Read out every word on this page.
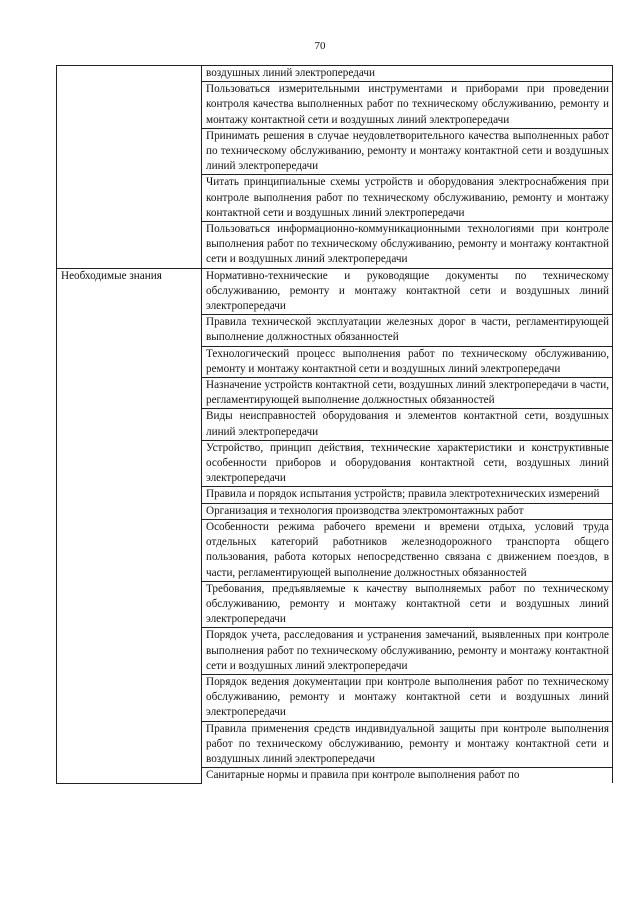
70
	воздушных линий электропередачи
	Пользоваться измерительными инструментами и приборами при проведении контроля качества выполненных работ по техническому обслуживанию, ремонту и монтажу контактной сети и воздушных линий электропередачи
	Принимать решения в случае неудовлетворительного качества выполненных работ по техническому обслуживанию, ремонту и монтажу контактной сети и воздушных линий электропередачи
	Читать принципиальные схемы устройств и оборудования электроснабжения при контроле выполнения работ по техническому обслуживанию, ремонту и монтажу контактной сети и воздушных линий электропередачи
	Пользоваться информационно-коммуникационными технологиями при контроле выполнения работ по техническому обслуживанию, ремонту и монтажу контактной сети и воздушных линий электропередачи
Необходимые знания	Нормативно-технические и руководящие документы по техническому обслуживанию, ремонту и монтажу контактной сети и воздушных линий электропередачи
	Правила технической эксплуатации железных дорог в части, регламентирующей выполнение должностных обязанностей
	Технологический процесс выполнения работ по техническому обслуживанию, ремонту и монтажу контактной сети и воздушных линий электропередачи
	Назначение устройств контактной сети, воздушных линий электропередачи в части, регламентирующей выполнение должностных обязанностей
	Виды неисправностей оборудования и элементов контактной сети, воздушных линий электропередачи
	Устройство, принцип действия, технические характеристики и конструктивные особенности приборов и оборудования контактной сети, воздушных линий электропередачи
	Правила и порядок испытания устройств; правила электротехнических измерений
	Организация и технология производства электромонтажных работ
	Особенности режима рабочего времени и времени отдыха, условий труда отдельных категорий работников железнодорожного транспорта общего пользования, работа которых непосредственно связана с движением поездов, в части, регламентирующей выполнение должностных обязанностей
	Требования, предъявляемые к качеству выполняемых работ по техническому обслуживанию, ремонту и монтажу контактной сети и воздушных линий электропередачи
	Порядок учета, расследования и устранения замечаний, выявленных при контроле выполнения работ по техническому обслуживанию, ремонту и монтажу контактной сети и воздушных линий электропередачи
	Порядок ведения документации при контроле выполнения работ по техническому обслуживанию, ремонту и монтажу контактной сети и воздушных линий электропередачи
	Правила применения средств индивидуальной защиты при контроле выполнения работ по техническому обслуживанию, ремонту и монтажу контактной сети и воздушных линий электропередачи
	Санитарные нормы и правила при контроле выполнения работ по
